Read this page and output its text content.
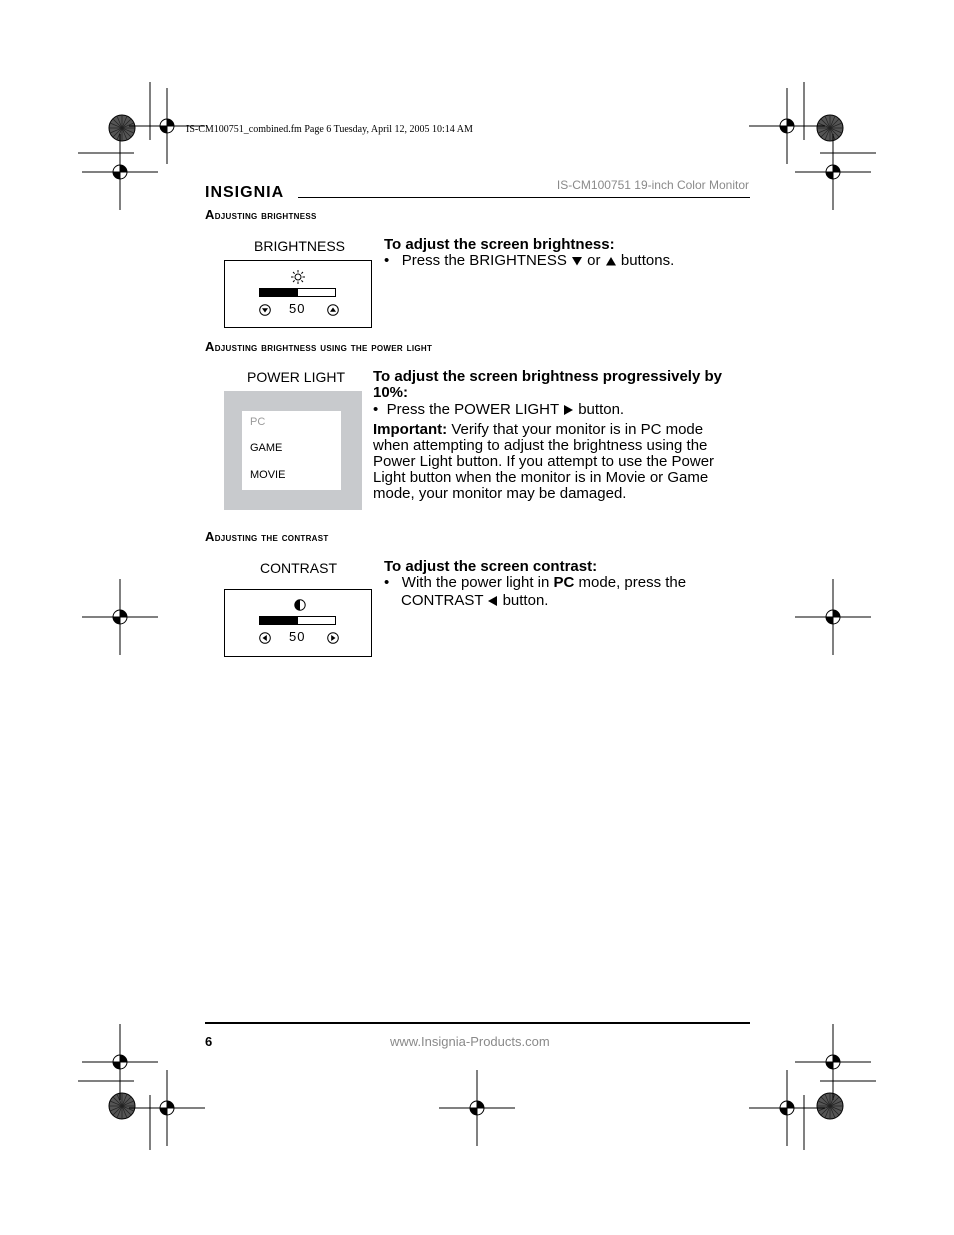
IS-CM100751_combined.fm Page 6 Tuesday, April 12, 2005 10:14 AM
INSIGNIA	IS-CM100751 19-inch Color Monitor
Adjusting brightness
BRIGHTNESS
50
To adjust the screen brightness:
• Press the BRIGHTNESS or buttons.
Adjusting brightness using the power light
POWER LIGHT
PC
GAME
MOVIE
To adjust the screen brightness progressively by 10%:
• Press the POWER LIGHT button.
Important: Verify that your monitor is in PC mode when attempting to adjust the brightness using the Power Light button. If you attempt to use the Power Light button when the monitor is in Movie or Game mode, your monitor may be damaged.
Adjusting the contrast
CONTRAST
50
To adjust the screen contrast:
• With the power light in PC mode, press the
CONTRAST button.
6	www.Insignia-Products.com
